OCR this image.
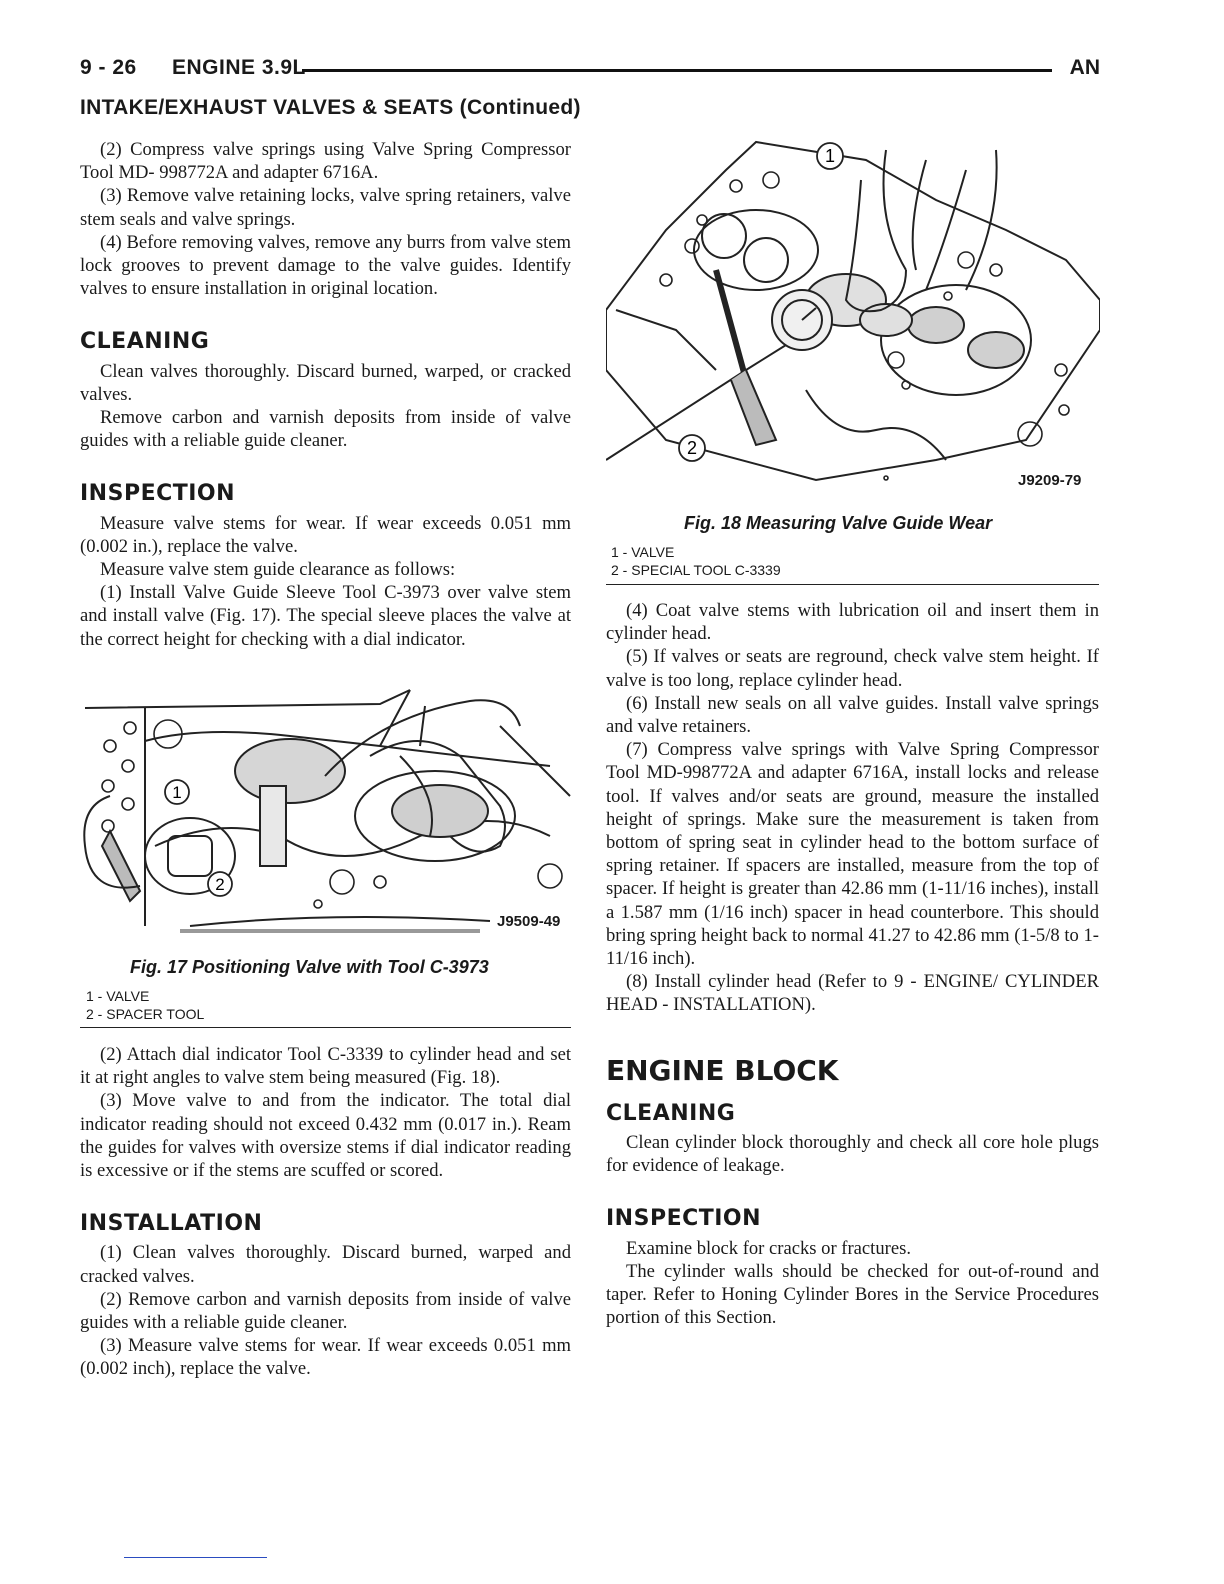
9 - 26 ENGINE 3.9L	AN
INTAKE/EXHAUST VALVES & SEATS (Continued)

(2) Compress valve springs using Valve Spring Compressor Tool MD- 998772A and adapter 6716A.

(3) Remove valve retaining locks, valve spring retainers, valve stem seals and valve springs.

(4) Before removing valves, remove any burrs from valve stem lock grooves to prevent damage to the valve guides. Identify valves to ensure installation in original location.

CLEANING

Clean valves thoroughly. Discard burned, warped, or cracked valves.

Remove carbon and varnish deposits from inside of valve guides with a reliable guide cleaner.

INSPECTION

Measure valve stems for wear. If wear exceeds 0.051 mm (0.002 in.), replace the valve.

Measure valve stem guide clearance as follows:

(1) Install Valve Guide Sleeve Tool C-3973 over valve stem and install valve (Fig. 17). The special sleeve places the valve at the correct height for checking with a dial indicator.

1
2
J9509-49
Fig. 17 Positioning Valve with Tool C-3973
1 - VALVE
2 - SPACER TOOL

(2) Attach dial indicator Tool C-3339 to cylinder head and set it at right angles to valve stem being measured (Fig. 18).

(3) Move valve to and from the indicator. The total dial indicator reading should not exceed 0.432 mm (0.017 in.). Ream the guides for valves with oversize stems if dial indicator reading is excessive or if the stems are scuffed or scored.

INSTALLATION

(1) Clean valves thoroughly. Discard burned, warped and cracked valves.

(2) Remove carbon and varnish deposits from inside of valve guides with a reliable guide cleaner.

(3) Measure valve stems for wear. If wear exceeds 0.051 mm (0.002 inch), replace the valve.

1
2
J9209-79
Fig. 18 Measuring Valve Guide Wear
1 - VALVE
2 - SPECIAL TOOL C-3339

(4) Coat valve stems with lubrication oil and insert them in cylinder head.

(5) If valves or seats are reground, check valve stem height. If valve is too long, replace cylinder head.

(6) Install new seals on all valve guides. Install valve springs and valve retainers.

(7) Compress valve springs with Valve Spring Compressor Tool MD-998772A and adapter 6716A, install locks and release tool. If valves and/or seats are ground, measure the installed height of springs. Make sure the measurement is taken from bottom of spring seat in cylinder head to the bottom surface of spring retainer. If spacers are installed, measure from the top of spacer. If height is greater than 42.86 mm (1-11/16 inches), install a 1.587 mm (1/16 inch) spacer in head counterbore. This should bring spring height back to normal 41.27 to 42.86 mm (1-5/8 to 1-11/16 inch).

(8) Install cylinder head (Refer to 9 - ENGINE/ CYLINDER HEAD - INSTALLATION).

ENGINE BLOCK

CLEANING

Clean cylinder block thoroughly and check all core hole plugs for evidence of leakage.

INSPECTION

Examine block for cracks or fractures.

The cylinder walls should be checked for out-of-round and taper. Refer to Honing Cylinder Bores in the Service Procedures portion of this Section.
